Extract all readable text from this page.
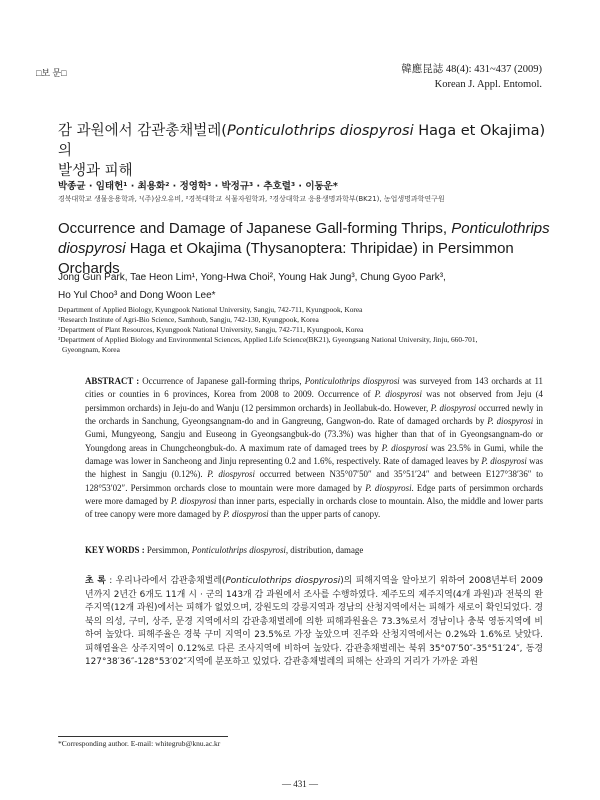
□보 문□	韓應昆誌 48(4): 431~437 (2009)
Korean J. Appl. Entomol.
감 과원에서 감관총채벌레(Ponticulothrips diospyrosi Haga et Okajima)의
발생과 피해
박종균 · 임태헌¹ · 최용화² · 정영학³ · 박정규³ · 추호렬³ · 이동운*
경북대학교 생물응용학과, ¹(주)삼오유비, ²경북대학교 식물자원학과, ³경상대학교 응용생명과학부(BK21), 농업생명과학연구원
Occurrence and Damage of Japanese Gall-forming Thrips, Ponticulothrips diospyrosi Haga et Okajima (Thysanoptera: Thripidae) in Persimmon Orchards
Jong Gun Park, Tae Heon Lim¹, Yong-Hwa Choi², Young Hak Jung³, Chung Gyoo Park³,
Ho Yul Choo³ and Dong Woon Lee*
Department of Applied Biology, Kyungpook National University, Sangju, 742-711, Kyungpook, Korea
¹Research Institute of Agri-Bio Science, Samhoub, Sangju, 742-130, Kyungpook, Korea
²Department of Plant Resources, Kyungpook National University, Sangju, 742-711, Kyungpook, Korea
³Department of Applied Biology and Environmental Sciences, Applied Life Science(BK21), Gyeongsang National University, Jinju, 660-701,
Gyeongnam, Korea
ABSTRACT : Occurrence of Japanese gall-forming thrips, Ponticulothrips diospyrosi was surveyed from 143 orchards at 11 cities or counties in 6 provinces, Korea from 2008 to 2009. Occurrence of P. diospyrosi was not observed from Jeju (4 persimmon orchards) in Jeju-do and Wanju (12 persimmon orchards) in Jeollabuk-do. However, P. diospyrosi occurred newly in the orchards in Sanchung, Gyeongsangnam-do and in Gangreung, Gangwon-do. Rate of damaged orchards by P. diospyrosi in Gumi, Mungyeong, Sangju and Euseong in Gyeongsangbuk-do (73.3%) was higher than that of in Gyeongsangnam-do or Youngdong areas in Chungcheongbuk-do. A maximum rate of damaged trees by P. diospyrosi was 23.5% in Gumi, while the damage was lower in Sancheong and Jinju representing 0.2 and 1.6%, respectively. Rate of damaged leaves by P. diospyrosi was the highest in Sangju (0.12%). P. diospyrosi occurred between N35°07′50″ and 35°51′24″ and between E127°38′36″ to 128°53′02″. Persimmon orchards close to mountain were more damaged by P. diospyrosi. Edge parts of persimmon orchards were more damaged by P. diospyrosi than inner parts, especially in orchards close to mountain. Also, the middle and lower parts of tree canopy were more damaged by P. diospyrosi than the upper parts of canopy.
KEY WORDS : Persimmon, Ponticulothrips diospyrosi, distribution, damage
초 록 : 우리나라에서 감관총채벌레(Ponticulothrips diospyrosi)의 피해지역을 알아보기 위하여 2008년부터 2009년까지 2년간 6개도 11개 시 · 군의 143개 감 과원에서 조사를 수행하였다. 제주도의 제주지역(4개 과원)과 전북의 완주지역(12개 과원)에서는 피해가 없었으며, 강원도의 강릉지역과 경남의 산청지역에서는 피해가 새로이 확인되었다. 경북의 의성, 구미, 상주, 문경 지역에서의 감관총채벌레에 의한 피해과원율은 73.3%로서 경남이나 충북 영동지역에 비하여 높았다. 피해주율은 경북 구미 지역이 23.5%로 가장 높았으며 진주와 산청지역에서는 0.2%와 1.6%로 낮았다. 피해엽율은 상주지역이 0.12%로 다른 조사지역에 비하여 높았다. 감관총채벌레는 북위 35°07′50″-35°51′24″, 동경 127°38′36″-128°53′02″지역에 분포하고 있었다. 감관총채벌레의 피해는 산과의 거리가 가까운 과원
*Corresponding author. E-mail: whitegrub@knu.ac.kr
— 431 —
